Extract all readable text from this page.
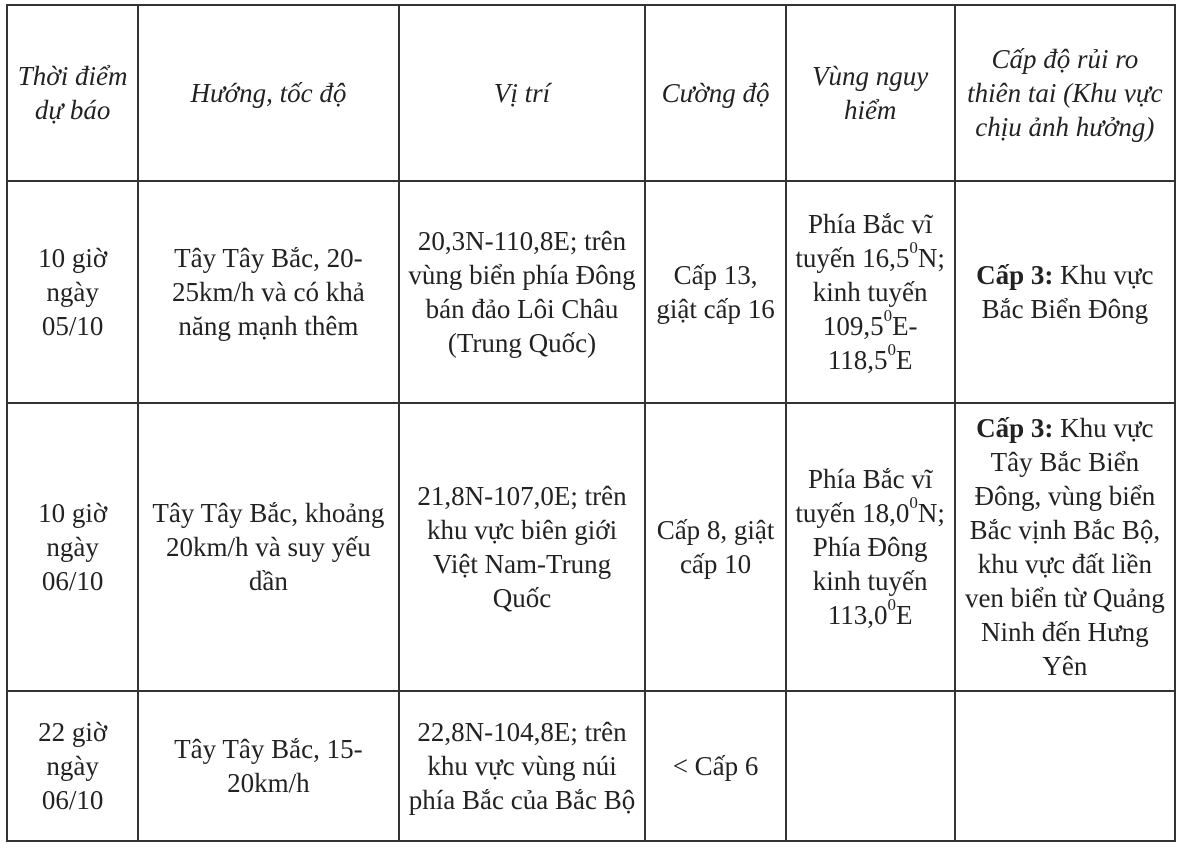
Thời điểm dự báo	Hướng, tốc độ	Vị trí	Cường độ	Vùng nguy hiểm	Cấp độ rủi ro thiên tai (Khu vực chịu ảnh hưởng)
10 giờ ngày 05/10	Tây Tây Bắc, 20-25km/h và có khả năng mạnh thêm	20,3N-110,8E; trên vùng biển phía Đông bán đảo Lôi Châu (Trung Quốc)	Cấp 13, giật cấp 16	Phía Bắc vĩ tuyến 16,5$^0$N; kinh tuyến 109,5$^0$E-118,5$^0$E	Cấp 3: Khu vực Bắc Biển Đông
10 giờ ngày 06/10	Tây Tây Bắc, khoảng 20km/h và suy yếu dần	21,8N-107,0E; trên khu vực biên giới Việt Nam-Trung Quốc	Cấp 8, giật cấp 10	Phía Bắc vĩ tuyến 18,0$^0$N; Phía Đông kinh tuyến 113,0$^0$E	Cấp 3: Khu vực Tây Bắc Biển Đông, vùng biển Bắc vịnh Bắc Bộ, khu vực đất liền ven biển từ Quảng Ninh đến Hưng Yên
22 giờ ngày 06/10	Tây Tây Bắc, 15-20km/h	22,8N-104,8E; trên khu vực vùng núi phía Bắc của Bắc Bộ	< Cấp 6		
